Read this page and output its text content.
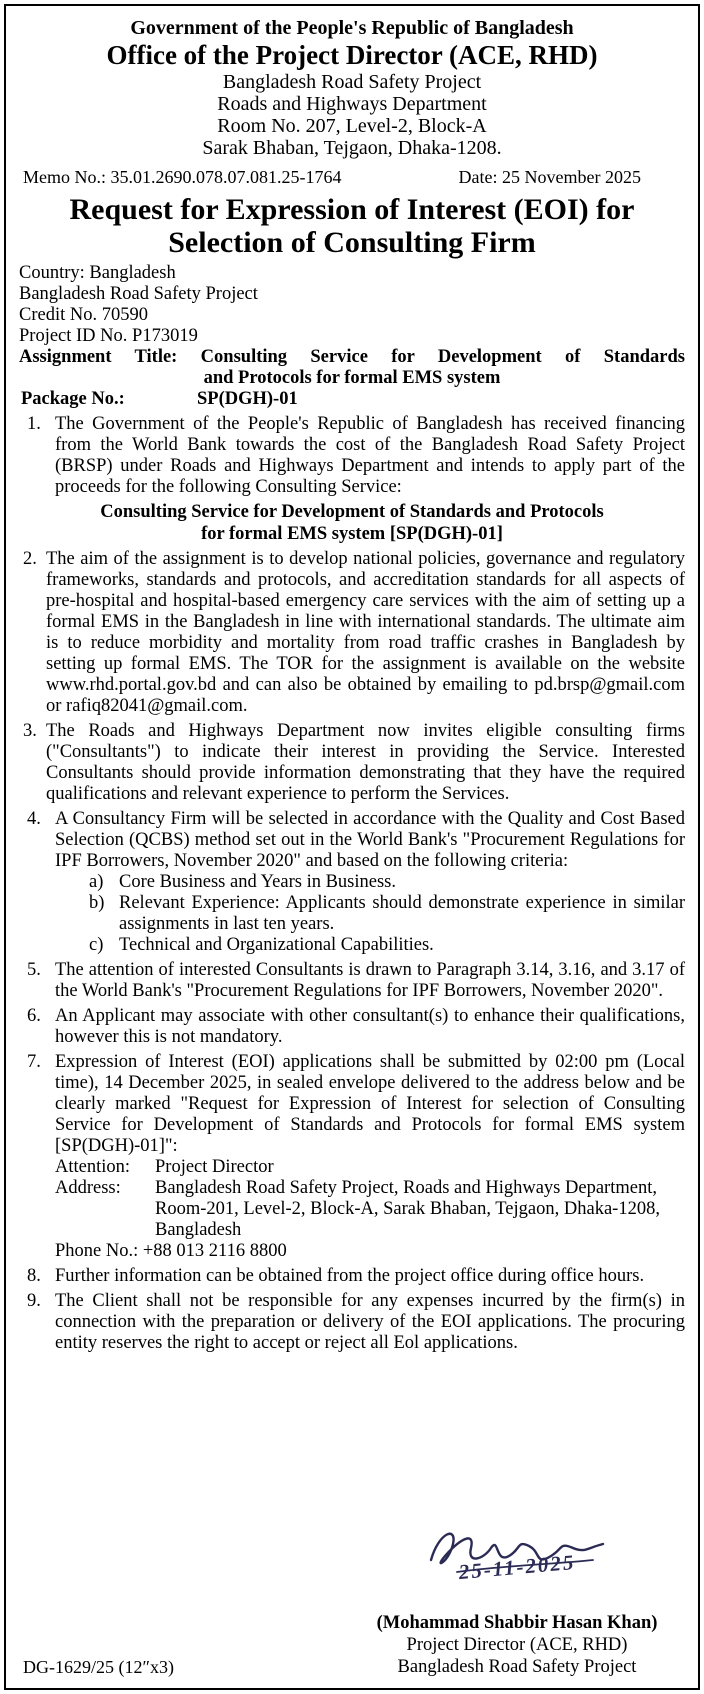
Government of the People's Republic of Bangladesh
Office of the Project Director (ACE, RHD)
Bangladesh Road Safety Project
Roads and Highways Department
Room No. 207, Level-2, Block-A
Sarak Bhaban, Tejgaon, Dhaka-1208.
Memo No.: 35.01.2690.078.07.081.25-1764	Date: 25 November 2025
Request for Expression of Interest (EOI) for
Selection of Consulting Firm
Country: Bangladesh
Bangladesh Road Safety Project
Credit No. 70590
Project ID No. P173019
Assignment Title: Consulting Service for Development of Standards
and Protocols for formal EMS system
Package No.:	SP(DGH)-01
1. The Government of the People's Republic of Bangladesh has received financing from the World Bank towards the cost of the Bangladesh Road Safety Project (BRSP) under Roads and Highways Department and intends to apply part of the proceeds for the following Consulting Service:
Consulting Service for Development of Standards and Protocols for formal EMS system [SP(DGH)-01]
2. The aim of the assignment is to develop national policies, governance and regulatory frameworks, standards and protocols, and accreditation standards for all aspects of pre-hospital and hospital-based emergency care services with the aim of setting up a formal EMS in the Bangladesh in line with international standards. The ultimate aim is to reduce morbidity and mortality from road traffic crashes in Bangladesh by setting up formal EMS. The TOR for the assignment is available on the website www.rhd.portal.gov.bd and can also be obtained by emailing to pd.brsp@gmail.com or rafiq82041@gmail.com.
3. The Roads and Highways Department now invites eligible consulting firms ("Consultants") to indicate their interest in providing the Service. Interested Consultants should provide information demonstrating that they have the required qualifications and relevant experience to perform the Services.
4. A Consultancy Firm will be selected in accordance with the Quality and Cost Based Selection (QCBS) method set out in the World Bank's "Procurement Regulations for IPF Borrowers, November 2020" and based on the following criteria:
a) Core Business and Years in Business.
b) Relevant Experience: Applicants should demonstrate experience in similar assignments in last ten years.
c) Technical and Organizational Capabilities.
5. The attention of interested Consultants is drawn to Paragraph 3.14, 3.16, and 3.17 of the World Bank's "Procurement Regulations for IPF Borrowers, November 2020".
6. An Applicant may associate with other consultant(s) to enhance their qualifications, however this is not mandatory.
7. Expression of Interest (EOI) applications shall be submitted by 02:00 pm (Local time), 14 December 2025, in sealed envelope delivered to the address below and be clearly marked "Request for Expression of Interest for selection of Consulting Service for Development of Standards and Protocols for formal EMS system [SP(DGH)-01]":
Attention:	Project Director
Address:	Bangladesh Road Safety Project, Roads and Highways Department, Room-201, Level-2, Block-A, Sarak Bhaban, Tejgaon, Dhaka-1208, Bangladesh
Phone No.: +88 013 2116 8800
8. Further information can be obtained from the project office during office hours.
9. The Client shall not be responsible for any expenses incurred by the firm(s) in connection with the preparation or delivery of the EOI applications. The procuring entity reserves the right to accept or reject all Eol applications.
DG-1629/25 (12″x3)
25-11-2025
(Mohammad Shabbir Hasan Khan)
Project Director (ACE, RHD)
Bangladesh Road Safety Project
